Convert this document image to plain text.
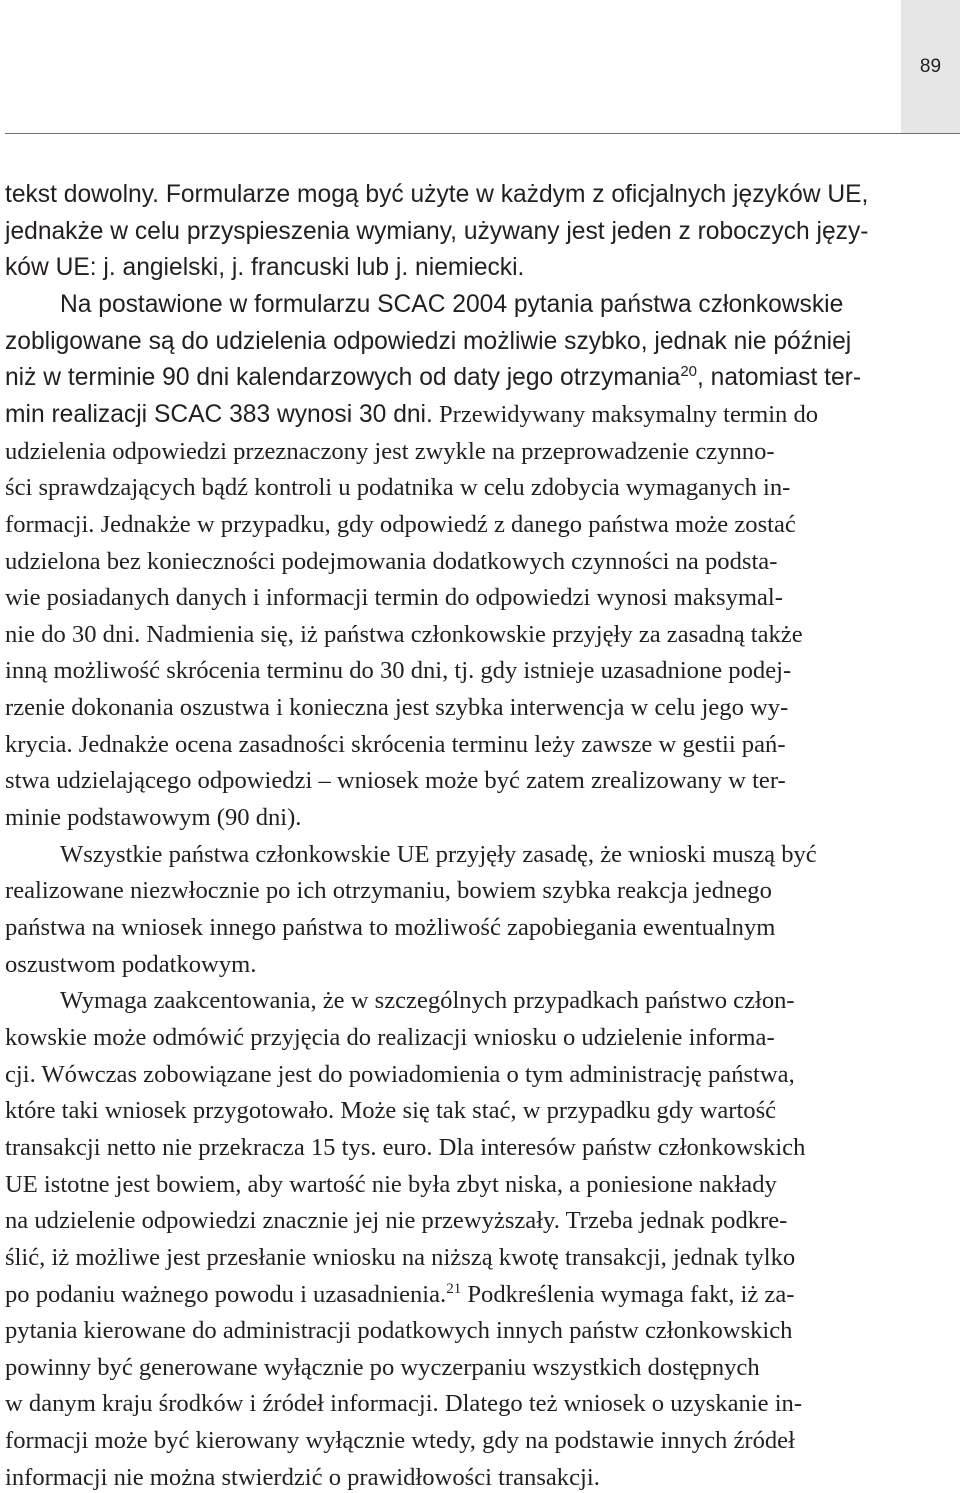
89
tekst dowolny. Formularze mogą być użyte w każdym z oficjalnych języków UE,
jednakże w celu przyspieszenia wymiany, używany jest jeden z roboczych języ-
ków UE: j. angielski, j. francuski lub j. niemiecki.
Na postawione w formularzu SCAC 2004 pytania państwa członkowskie
zobligowane są do udzielenia odpowiedzi możliwie szybko, jednak nie później
niż w terminie 90 dni kalendarzowych od daty jego otrzymania$^{20}$, natomiast ter-
min realizacji SCAC 383 wynosi 30 dni. Przewidywany maksymalny termin do
udzielenia odpowiedzi przeznaczony jest zwykle na przeprowadzenie czynno-
ści sprawdzających bądź kontroli u podatnika w celu zdobycia wymaganych in-
formacji. Jednakże w przypadku, gdy odpowiedź z danego państwa może zostać
udzielona bez konieczności podejmowania dodatkowych czynności na podsta-
wie posiadanych danych i informacji termin do odpowiedzi wynosi maksymal-
nie do 30 dni. Nadmienia się, iż państwa członkowskie przyjęły za zasadną także
inną możliwość skrócenia terminu do 30 dni, tj. gdy istnieje uzasadnione podej-
rzenie dokonania oszustwa i konieczna jest szybka interwencja w celu jego wy-
krycia. Jednakże ocena zasadności skrócenia terminu leży zawsze w gestii pań-
stwa udzielającego odpowiedzi – wniosek może być zatem zrealizowany w ter-
minie podstawowym (90 dni).
Wszystkie państwa członkowskie UE przyjęły zasadę, że wnioski muszą być
realizowane niezwłocznie po ich otrzymaniu, bowiem szybka reakcja jednego
państwa na wniosek innego państwa to możliwość zapobiegania ewentualnym
oszustwom podatkowym.
Wymaga zaakcentowania, że w szczególnych przypadkach państwo człon-
kowskie może odmówić przyjęcia do realizacji wniosku o udzielenie informa-
cji. Wówczas zobowiązane jest do powiadomienia o tym administrację państwa,
które taki wniosek przygotowało. Może się tak stać, w przypadku gdy wartość
transakcji netto nie przekracza 15 tys. euro. Dla interesów państw członkowskich
UE istotne jest bowiem, aby wartość nie była zbyt niska, a poniesione nakłady
na udzielenie odpowiedzi znacznie jej nie przewyższały. Trzeba jednak podkre-
ślić, iż możliwe jest przesłanie wniosku na niższą kwotę transakcji, jednak tylko
po podaniu ważnego powodu i uzasadnienia.$^{21}$ Podkreślenia wymaga fakt, iż za-
pytania kierowane do administracji podatkowych innych państw członkowskich
powinny być generowane wyłącznie po wyczerpaniu wszystkich dostępnych
w danym kraju środków i źródeł informacji. Dlatego też wniosek o uzyskanie in-
formacji może być kierowany wyłącznie wtedy, gdy na podstawie innych źródeł
informacji nie można stwierdzić o prawidłowości transakcji.
